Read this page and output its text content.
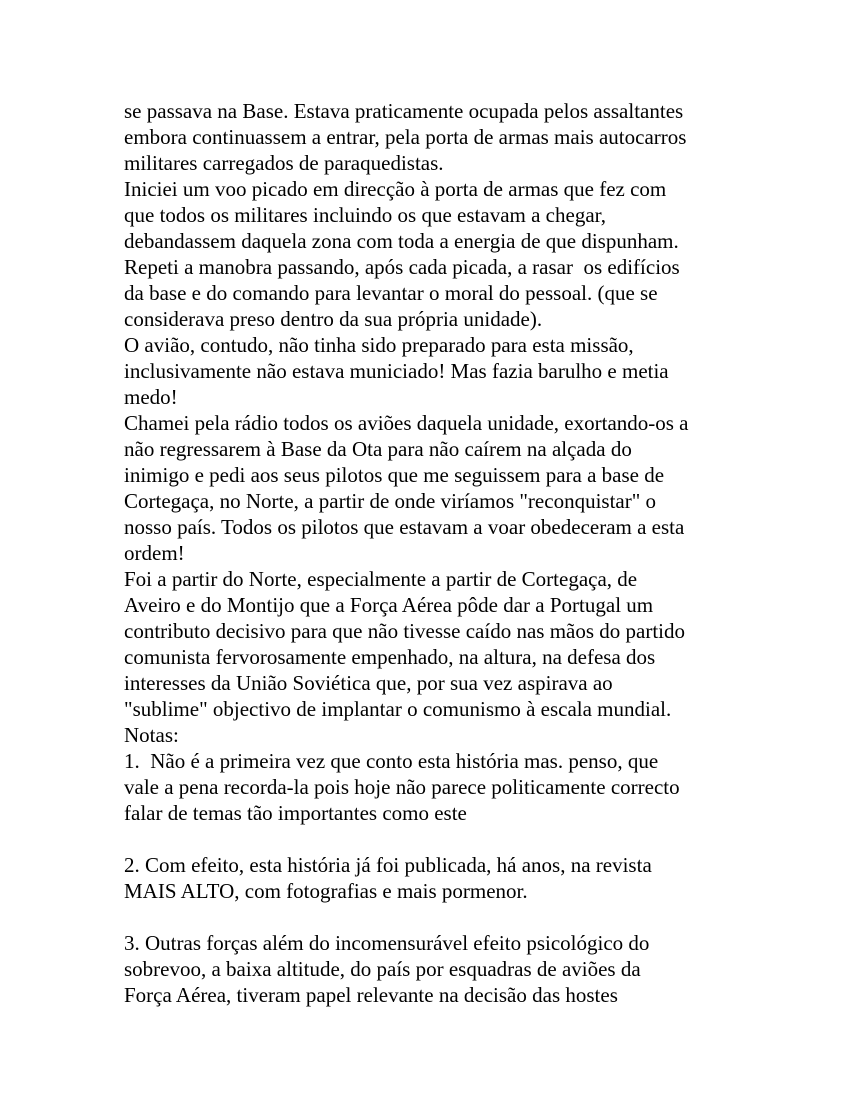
se passava na Base. Estava praticamente ocupada pelos assaltantes
embora continuassem a entrar, pela porta de armas mais autocarros
militares carregados de paraquedistas.
Iniciei um voo picado em direcção à porta de armas que fez com
que todos os militares incluindo os que estavam a chegar,
debandassem daquela zona com toda a energia de que dispunham.
Repeti a manobra passando, após cada picada, a rasar  os edifícios
da base e do comando para levantar o moral do pessoal. (que se
considerava preso dentro da sua própria unidade).
O avião, contudo, não tinha sido preparado para esta missão,
inclusivamente não estava municiado! Mas fazia barulho e metia
medo!
Chamei pela rádio todos os aviões daquela unidade, exortando-os a
não regressarem à Base da Ota para não caírem na alçada do
inimigo e pedi aos seus pilotos que me seguissem para a base de
Cortegaça, no Norte, a partir de onde viríamos "reconquistar" o
nosso país. Todos os pilotos que estavam a voar obedeceram a esta
ordem!
Foi a partir do Norte, especialmente a partir de Cortegaça, de
Aveiro e do Montijo que a Força Aérea pôde dar a Portugal um
contributo decisivo para que não tivesse caído nas mãos do partido
comunista fervorosamente empenhado, na altura, na defesa dos
interesses da União Soviética que, por sua vez aspirava ao
"sublime" objectivo de implantar o comunismo à escala mundial.
Notas:
1.  Não é a primeira vez que conto esta história mas. penso, que
vale a pena recorda-la pois hoje não parece politicamente correcto
falar de temas tão importantes como este
2. Com efeito, esta história já foi publicada, há anos, na revista
MAIS ALTO, com fotografias e mais pormenor.
3. Outras forças além do incomensurável efeito psicológico do
sobrevoo, a baixa altitude, do país por esquadras de aviões da
Força Aérea, tiveram papel relevante na decisão das hostes
